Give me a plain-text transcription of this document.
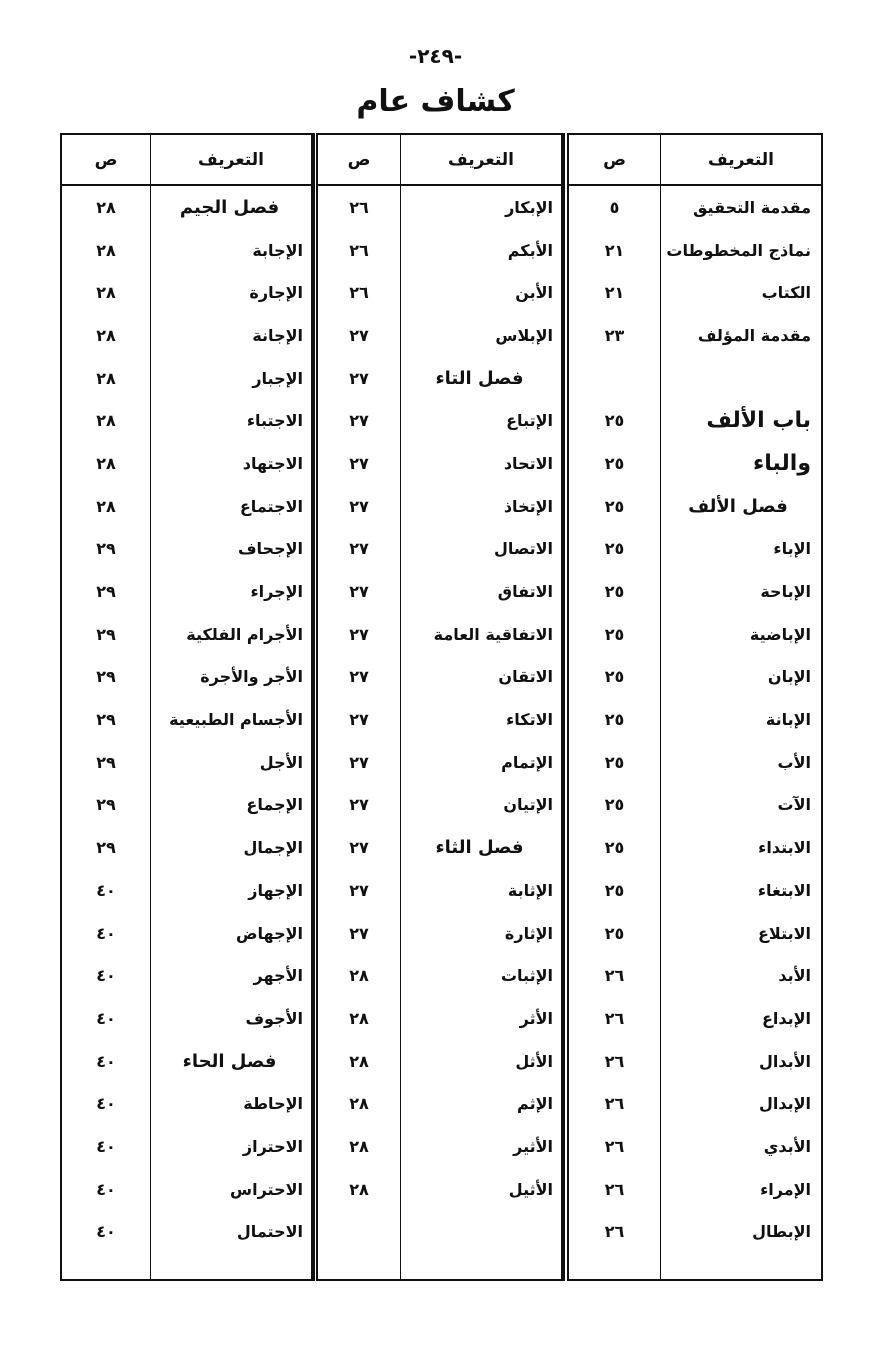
-٢٤٩-
كشاف عام
التعريف
ص
مقدمة التحقيق
٥
نماذج المخطوطات
٢١
الكتاب
٢١
مقدمة المؤلف
٢٣
باب الألف
٢٥
والباء
٢٥
فصل الألف
٢٥
الإباء
٢٥
الإباحة
٢٥
الإباضية
٢٥
الإبان
٢٥
الإبانة
٢٥
الأب
٢٥
الآت
٢٥
الابتداء
٢٥
الابتغاء
٢٥
الابتلاع
٢٥
الأبد
٢٦
الإبداع
٢٦
الأبدال
٢٦
الإبدال
٢٦
الأبدي
٢٦
الإمراء
٢٦
الإبطال
٢٦
التعريف
ص
الإبكار
٢٦
الأبكم
٢٦
الأبن
٢٦
الإبلاس
٢٧
فصل التاء
٢٧
الإتباع
٢٧
الاتحاد
٢٧
الإتخاذ
٢٧
الاتصال
٢٧
الاتفاق
٢٧
الاتفاقية العامة
٢٧
الاتقان
٢٧
الاتكاء
٢٧
الإتمام
٢٧
الإتيان
٢٧
فصل الثاء
٢٧
الإثابة
٢٧
الإثارة
٢٧
الإثبات
٢٨
الأثر
٢٨
الأثل
٢٨
الإثم
٢٨
الأثير
٢٨
الأثيل
٢٨
التعريف
ص
فصل الجيم
٢٨
الإجابة
٢٨
الإجارة
٢٨
الإجانة
٢٨
الإجبار
٢٨
الاجتباء
٢٨
الاجتهاد
٢٨
الاجتماع
٢٨
الإجحاف
٢٩
الإجراء
٢٩
الأجرام الفلكية
٢٩
الأجر والأجرة
٢٩
الأجسام الطبيعية
٢٩
الأجل
٢٩
الإجماع
٢٩
الإجمال
٢٩
الإجهاز
٤٠
الإجهاض
٤٠
الأجهر
٤٠
الأجوف
٤٠
فصل الحاء
٤٠
الإحاطة
٤٠
الاحتراز
٤٠
الاحتراس
٤٠
الاحتمال
٤٠
